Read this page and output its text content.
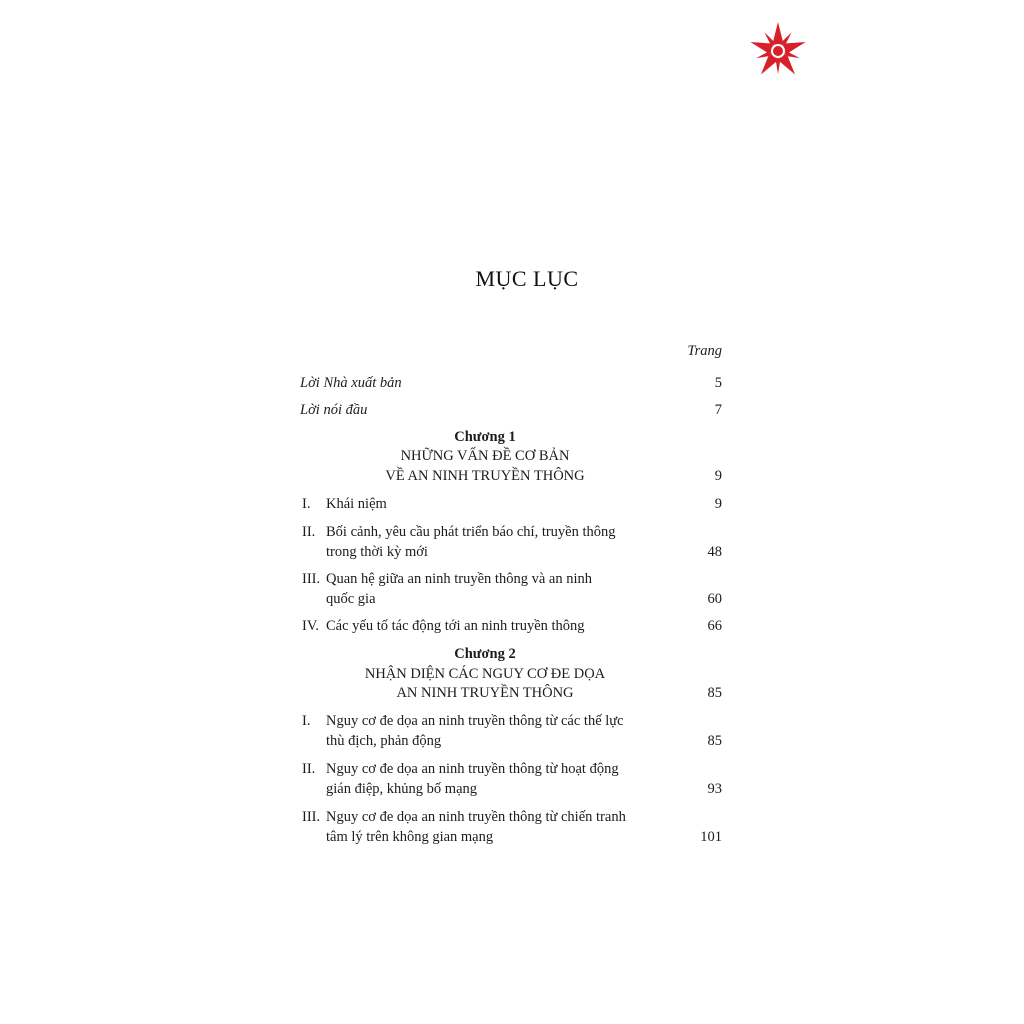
MỤC LỤC
Trang
Lời Nhà xuất bản	5
Lời nói đầu	7
Chương 1
NHỮNG VẤN ĐỀ CƠ BẢN
VỀ AN NINH TRUYỀN THÔNG	9
I. Khái niệm	9
II. Bối cảnh, yêu cầu phát triển báo chí, truyền thông
trong thời kỳ mới	48
III. Quan hệ giữa an ninh truyền thông và an ninh
quốc gia	60
IV. Các yếu tố tác động tới an ninh truyền thông	66
Chương 2
NHẬN DIỆN CÁC NGUY CƠ ĐE DỌA
AN NINH TRUYỀN THÔNG	85
I. Nguy cơ đe dọa an ninh truyền thông từ các thế lực
thù địch, phản động	85
II. Nguy cơ đe dọa an ninh truyền thông từ hoạt động
gián điệp, khủng bố mạng	93
III. Nguy cơ đe dọa an ninh truyền thông từ chiến tranh
tâm lý trên không gian mạng	101
